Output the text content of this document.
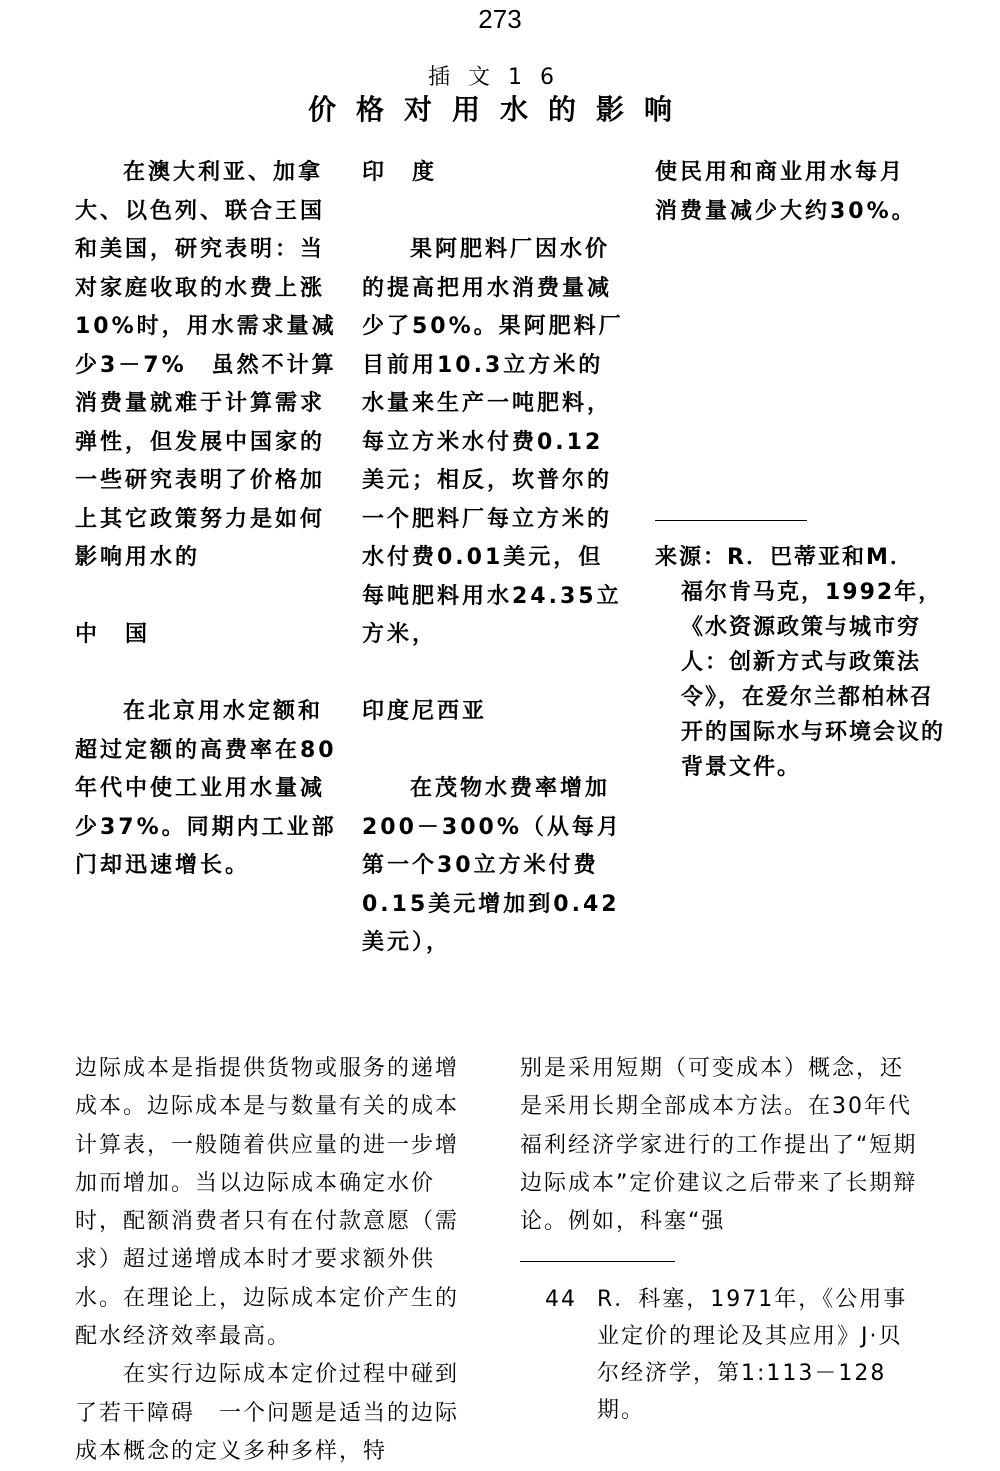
273
插文16
价格对用水的影响

在澳大利亚、加拿大、以色列、联合王国和美国，研究表明：当对家庭收取的水费上涨10%时，用水需求量减少3－7%　虽然不计算消费量就难于计算需求弹性，但发展中国家的一些研究表明了价格加上其它政策努力是如何影响用水的

中　国

在北京用水定额和超过定额的高费率在80年代中使工业用水量减少37%。同期内工业部门却迅速增长。

印　度

果阿肥料厂因水价的提高把用水消费量减少了50%。果阿肥料厂目前用10.3立方米的水量来生产一吨肥料，每立方米水付费0.12美元；相反，坎普尔的一个肥料厂每立方米的水付费0.01美元，但每吨肥料用水24.35立方米，

印度尼西亚

在茂物水费率增加200－300%（从每月第一个30立方米付费0.15美元增加到0.42美元），

使民用和商业用水每月消费量减少大约30%。

来源：R．巴蒂亚和M．

福尔肯马克，1992年，《水资源政策与城市穷人：创新方式与政策法令》，在爱尔兰都柏林召开的国际水与环境会议的背景文件。

边际成本是指提供货物或服务的递增成本。边际成本是与数量有关的成本计算表，一般随着供应量的进一步增加而增加。当以边际成本确定水价时，配额消费者只有在付款意愿（需求）超过递增成本时才要求额外供水。在理论上，边际成本定价产生的配水经济效率最高。

在实行边际成本定价过程中碰到了若干障碍　一个问题是适当的边际成本概念的定义多种多样，特

别是采用短期（可变成本）概念，还是采用长期全部成本方法。在30年代福利经济学家进行的工作提出了“短期边际成本”定价建议之后带来了长期辩论。例如，科塞“强

44 R．科塞，1971年，《公用事业定价的理论及其应用》J·贝尔经济学，第1:113－128期。
